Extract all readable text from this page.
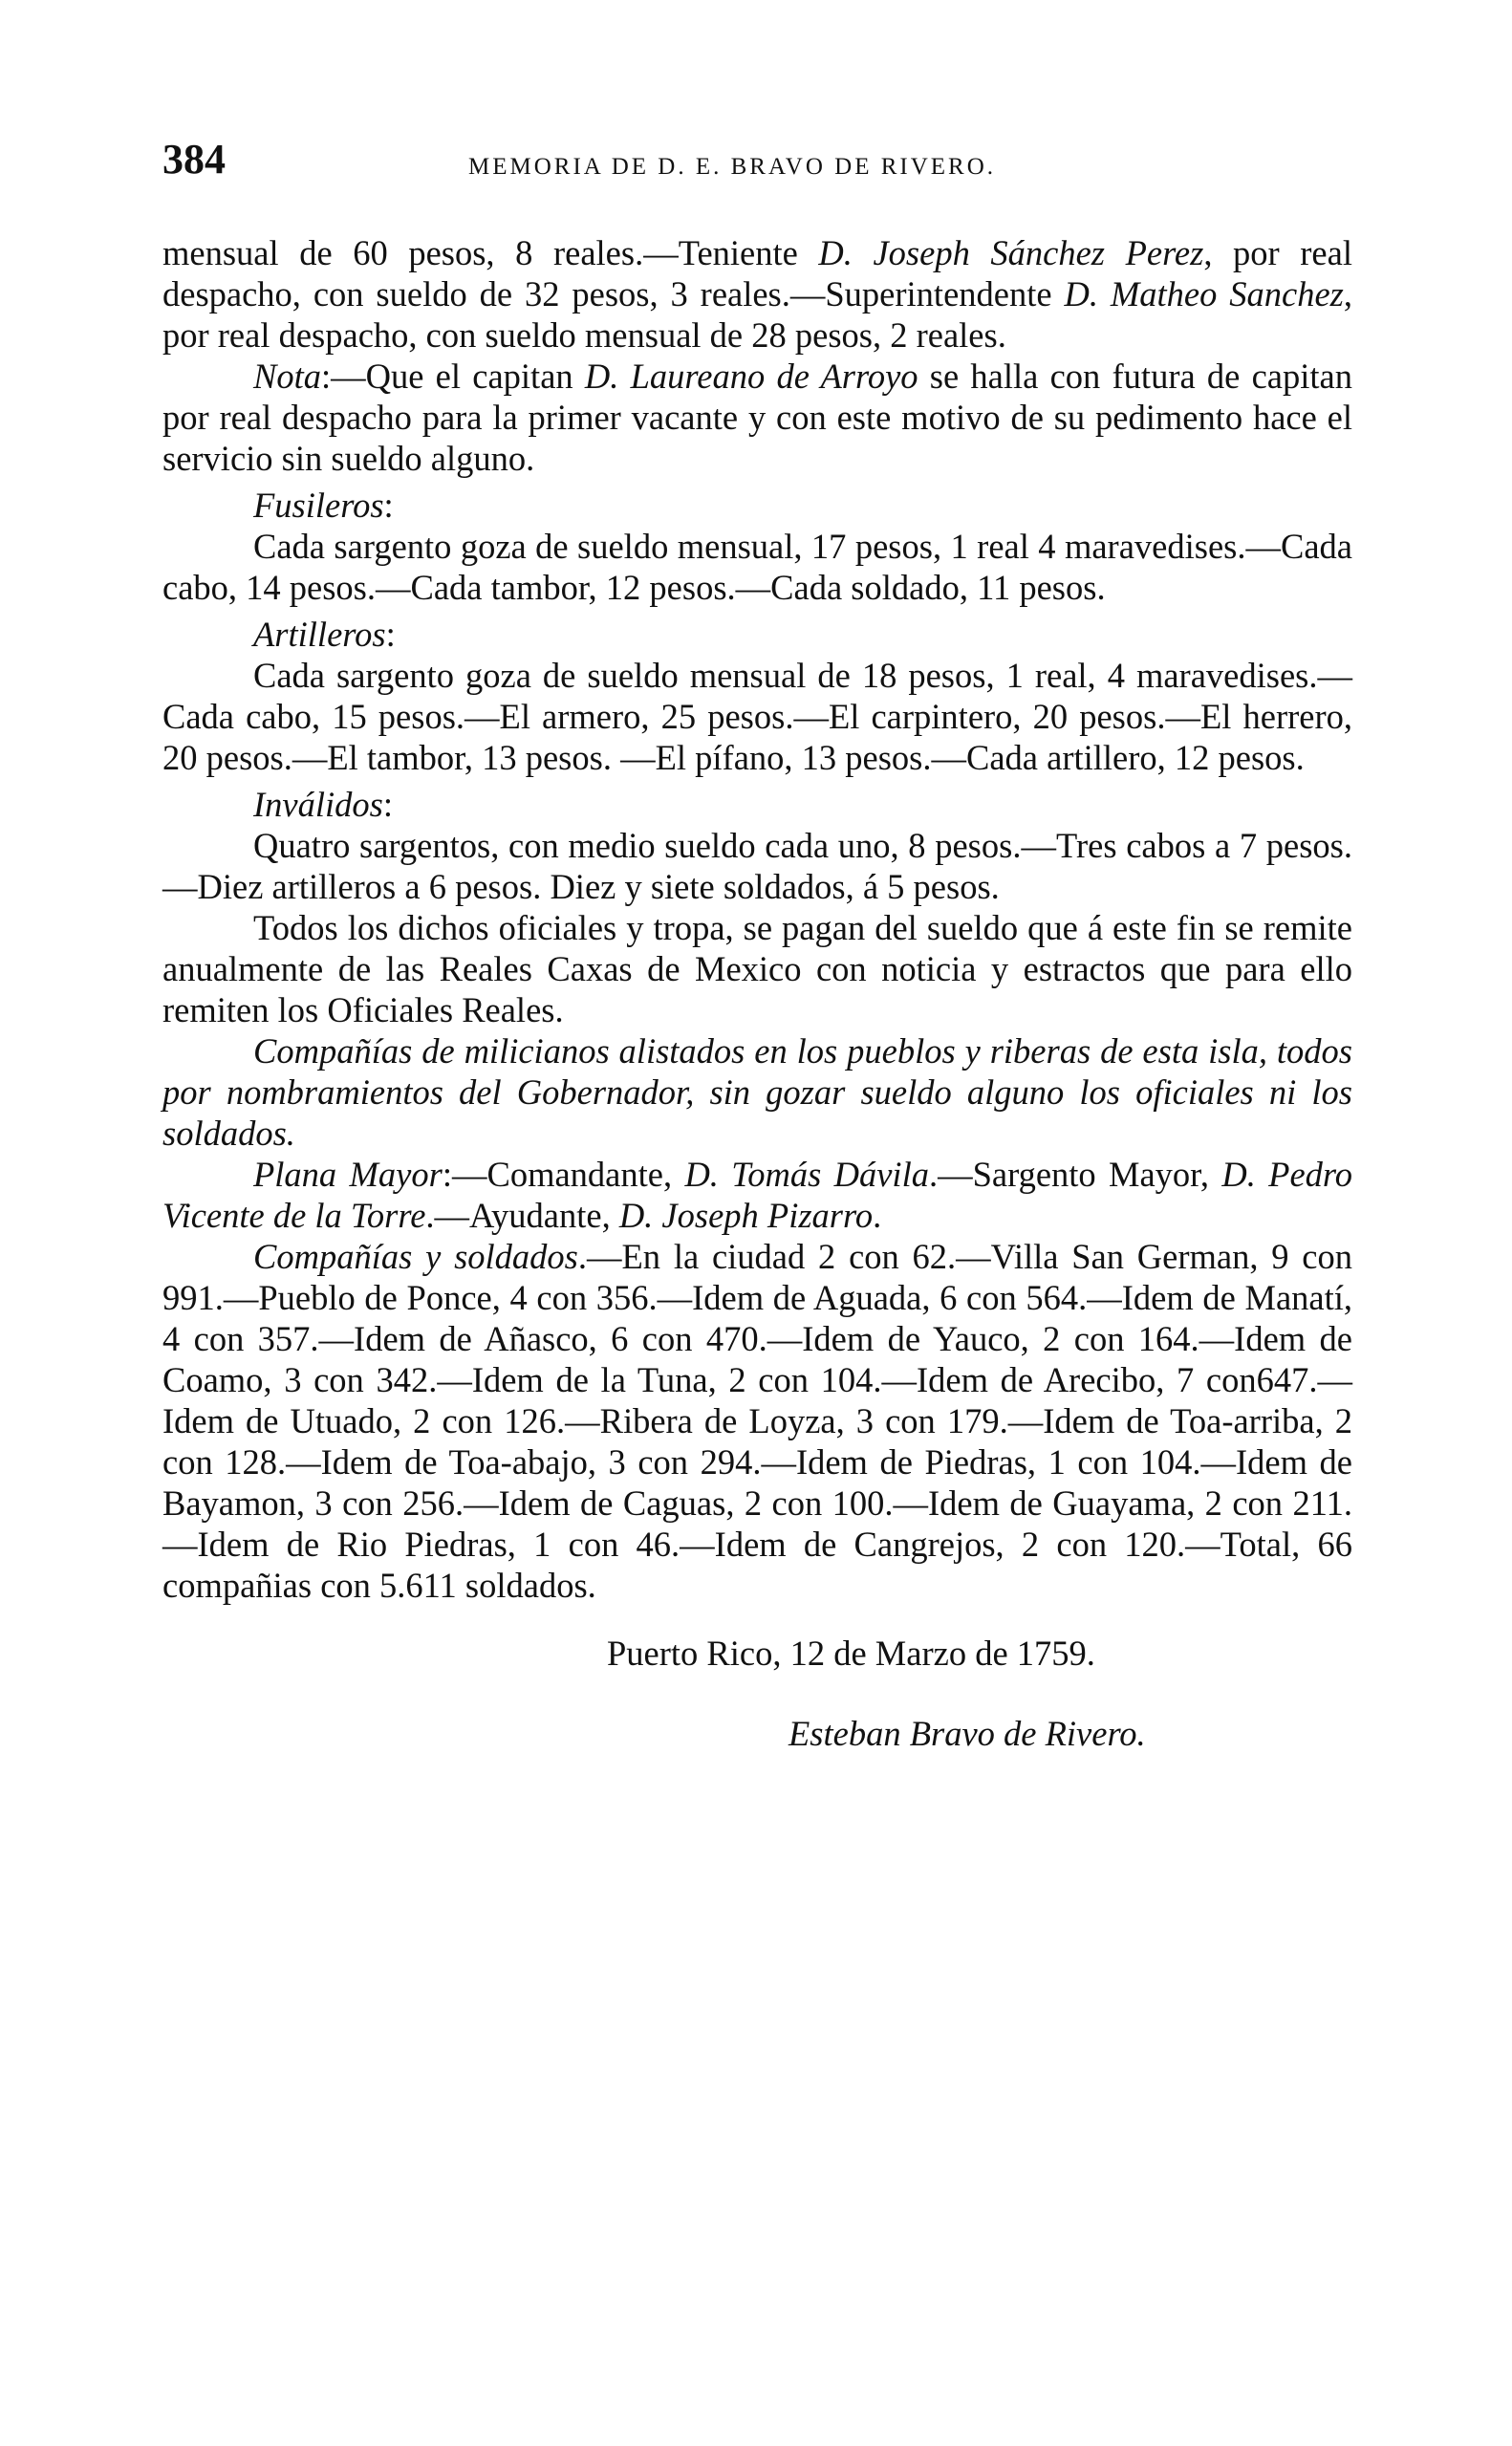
384	MEMORIA DE D. E. BRAVO DE RIVERO.

mensual de 60 pesos, 8 reales.—Teniente D. Joseph Sánchez Perez, por real despacho, con sueldo de 32 pesos, 3 reales.—Superintendente D. Matheo Sanchez, por real despacho, con sueldo mensual de 28 pesos, 2 reales.

Nota:—Que el capitan D. Laureano de Arroyo se halla con futura de capitan por real despacho para la primer vacante y con este motivo de su pedimento hace el servicio sin sueldo alguno.

Fusileros:

Cada sargento goza de sueldo mensual, 17 pesos, 1 real 4 maravedises.—Cada cabo, 14 pesos.—Cada tambor, 12 pesos.—Cada soldado, 11 pesos.

Artilleros:

Cada sargento goza de sueldo mensual de 18 pesos, 1 real, 4 maravedises.—Cada cabo, 15 pesos.—El armero, 25 pesos.—El carpintero, 20 pesos.—El herrero, 20 pesos.—El tambor, 13 pesos. —El pífano, 13 pesos.—Cada artillero, 12 pesos.

Inválidos:

Quatro sargentos, con medio sueldo cada uno, 8 pesos.—Tres cabos a 7 pesos.—Diez artilleros a 6 pesos. Diez y siete soldados, á 5 pesos.

Todos los dichos oficiales y tropa, se pagan del sueldo que á este fin se remite anualmente de las Reales Caxas de Mexico con noticia y estractos que para ello remiten los Oficiales Reales.

Compañías de milicianos alistados en los pueblos y riberas de esta isla, todos por nombramientos del Gobernador, sin gozar sueldo alguno los oficiales ni los soldados.

Plana Mayor:—Comandante, D. Tomás Dávila.—Sargento Mayor, D. Pedro Vicente de la Torre.—Ayudante, D. Joseph Pizarro.

Compañías y soldados.—En la ciudad 2 con 62.—Villa San German, 9 con 991.—Pueblo de Ponce, 4 con 356.—Idem de Aguada, 6 con 564.—Idem de Manatí, 4 con 357.—Idem de Añasco, 6 con 470.—Idem de Yauco, 2 con 164.—Idem de Coamo, 3 con 342.—Idem de la Tuna, 2 con 104.—Idem de Arecibo, 7 con647.—Idem de Utuado, 2 con 126.—Ribera de Loyza, 3 con 179.—Idem de Toa-arriba, 2 con 128.—Idem de Toa-abajo, 3 con 294.—Idem de Piedras, 1 con 104.—Idem de Bayamon, 3 con 256.—Idem de Caguas, 2 con 100.—Idem de Guayama, 2 con 211.—Idem de Rio Piedras, 1 con 46.—Idem de Cangrejos, 2 con 120.—Total, 66 compañias con 5.611 soldados.

Puerto Rico, 12 de Marzo de 1759.
Esteban Bravo de Rivero.
